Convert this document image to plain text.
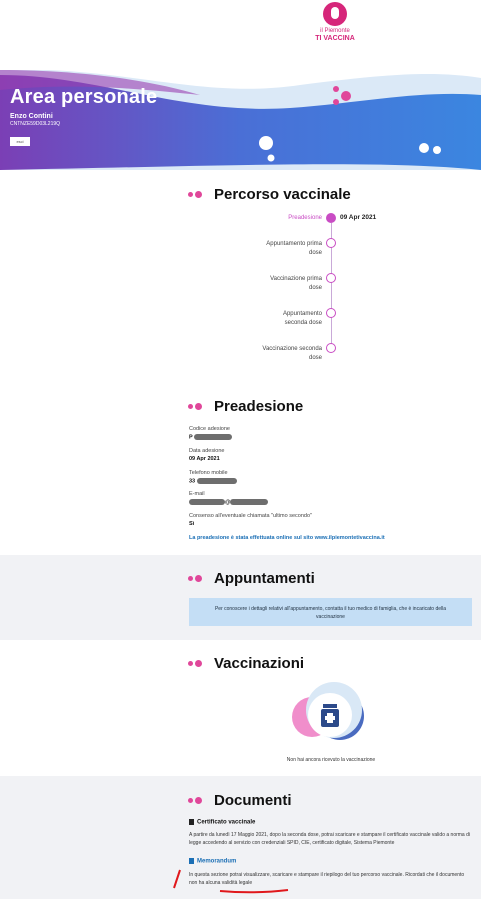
il Piemonte
TI VACCINA
Area personale
Enzo Contini
CNTNZE59D03L219Q
esci
Percorso vaccinale
Preadesione	09 Apr 2021
Appuntamento prima dose
Vaccinazione prima dose
Appuntamento seconda dose
Vaccinazione seconda dose
Preadesione
Codice adesione
P
Data adesione
09 Apr 2021
Telefono mobile
33
E-mail
@
Consenso all'eventuale chiamata "ultimo secondo"
Sì
La preadesione è stata effettuata online sul sito www.ilpiemontetivaccina.it
Appuntamenti
Per conoscere i dettagli relativi all'appuntamento, contatta il tuo medico di famiglia, che è incaricato della vaccinazione
Vaccinazioni
Non hai ancora ricevuto la vaccinazione
Documenti
Certificato vaccinale
A partire da lunedì 17 Maggio 2021, dopo la seconda dose, potrai scaricare e stampare il certificato vaccinale valido a norma di legge accedendo al servizio con credenziali SPID, CIE, certificato digitale, Sistema Piemonte
Memorandum
In questa sezione potrai visualizzare, scaricare e stampare il riepilogo del tuo percorso vaccinale. Ricordati che il documento non ha alcuna validità legale
